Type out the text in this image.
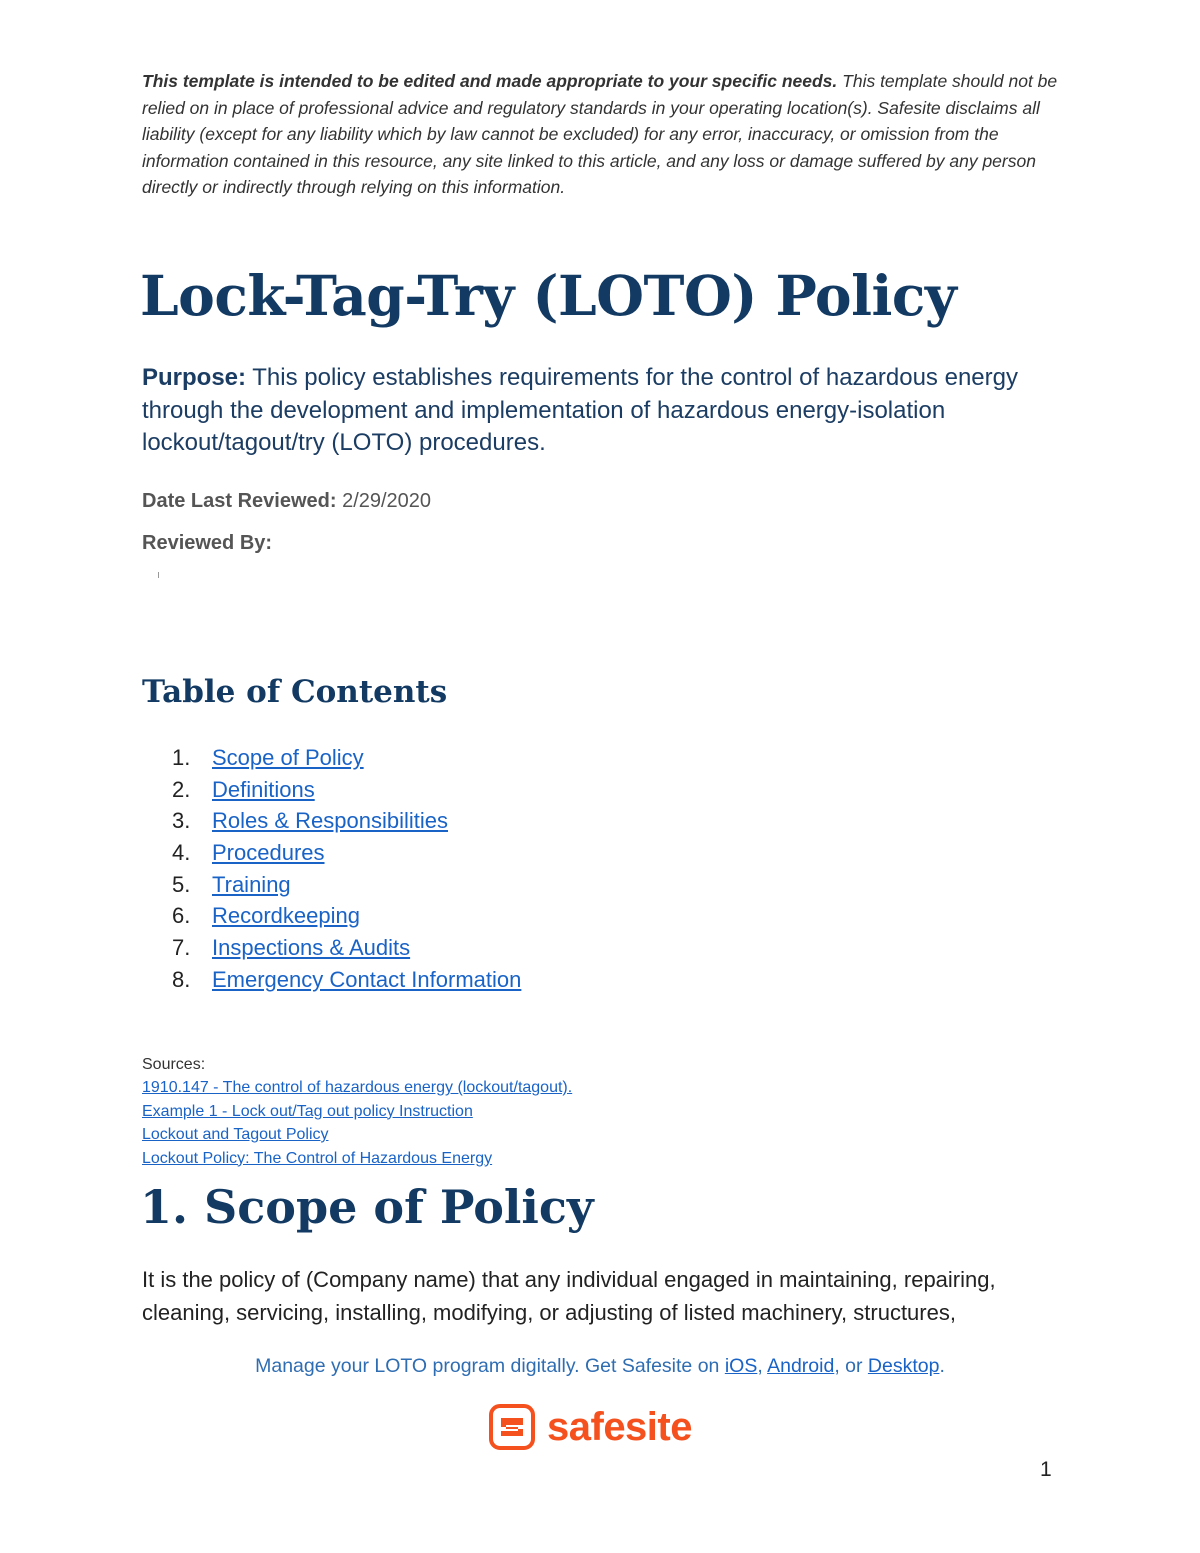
This template is intended to be edited and made appropriate to your specific needs. This template should not be relied on in place of professional advice and regulatory standards in your operating location(s). Safesite disclaims all liability (except for any liability which by law cannot be excluded) for any error, inaccuracy, or omission from the information contained in this resource, any site linked to this article, and any loss or damage suffered by any person directly or indirectly through relying on this information.
Lock-Tag-Try (LOTO) Policy
Purpose: This policy establishes requirements for the control of hazardous energy through the development and implementation of hazardous energy-isolation lockout/tagout/try (LOTO) procedures.
Date Last Reviewed: 2/29/2020
Reviewed By:
Table of Contents
1. Scope of Policy
2. Definitions
3. Roles & Responsibilities
4. Procedures
5. Training
6. Recordkeeping
7. Inspections & Audits
8. Emergency Contact Information
Sources:
1910.147 - The control of hazardous energy (lockout/tagout).
Example 1 - Lock out/Tag out policy Instruction
Lockout and Tagout Policy
Lockout Policy: The Control of Hazardous Energy
1. Scope of Policy
It is the policy of (Company name) that any individual engaged in maintaining, repairing, cleaning, servicing, installing, modifying, or adjusting of listed machinery, structures,
Manage your LOTO program digitally. Get Safesite on iOS, Android, or Desktop.
safesite
1
